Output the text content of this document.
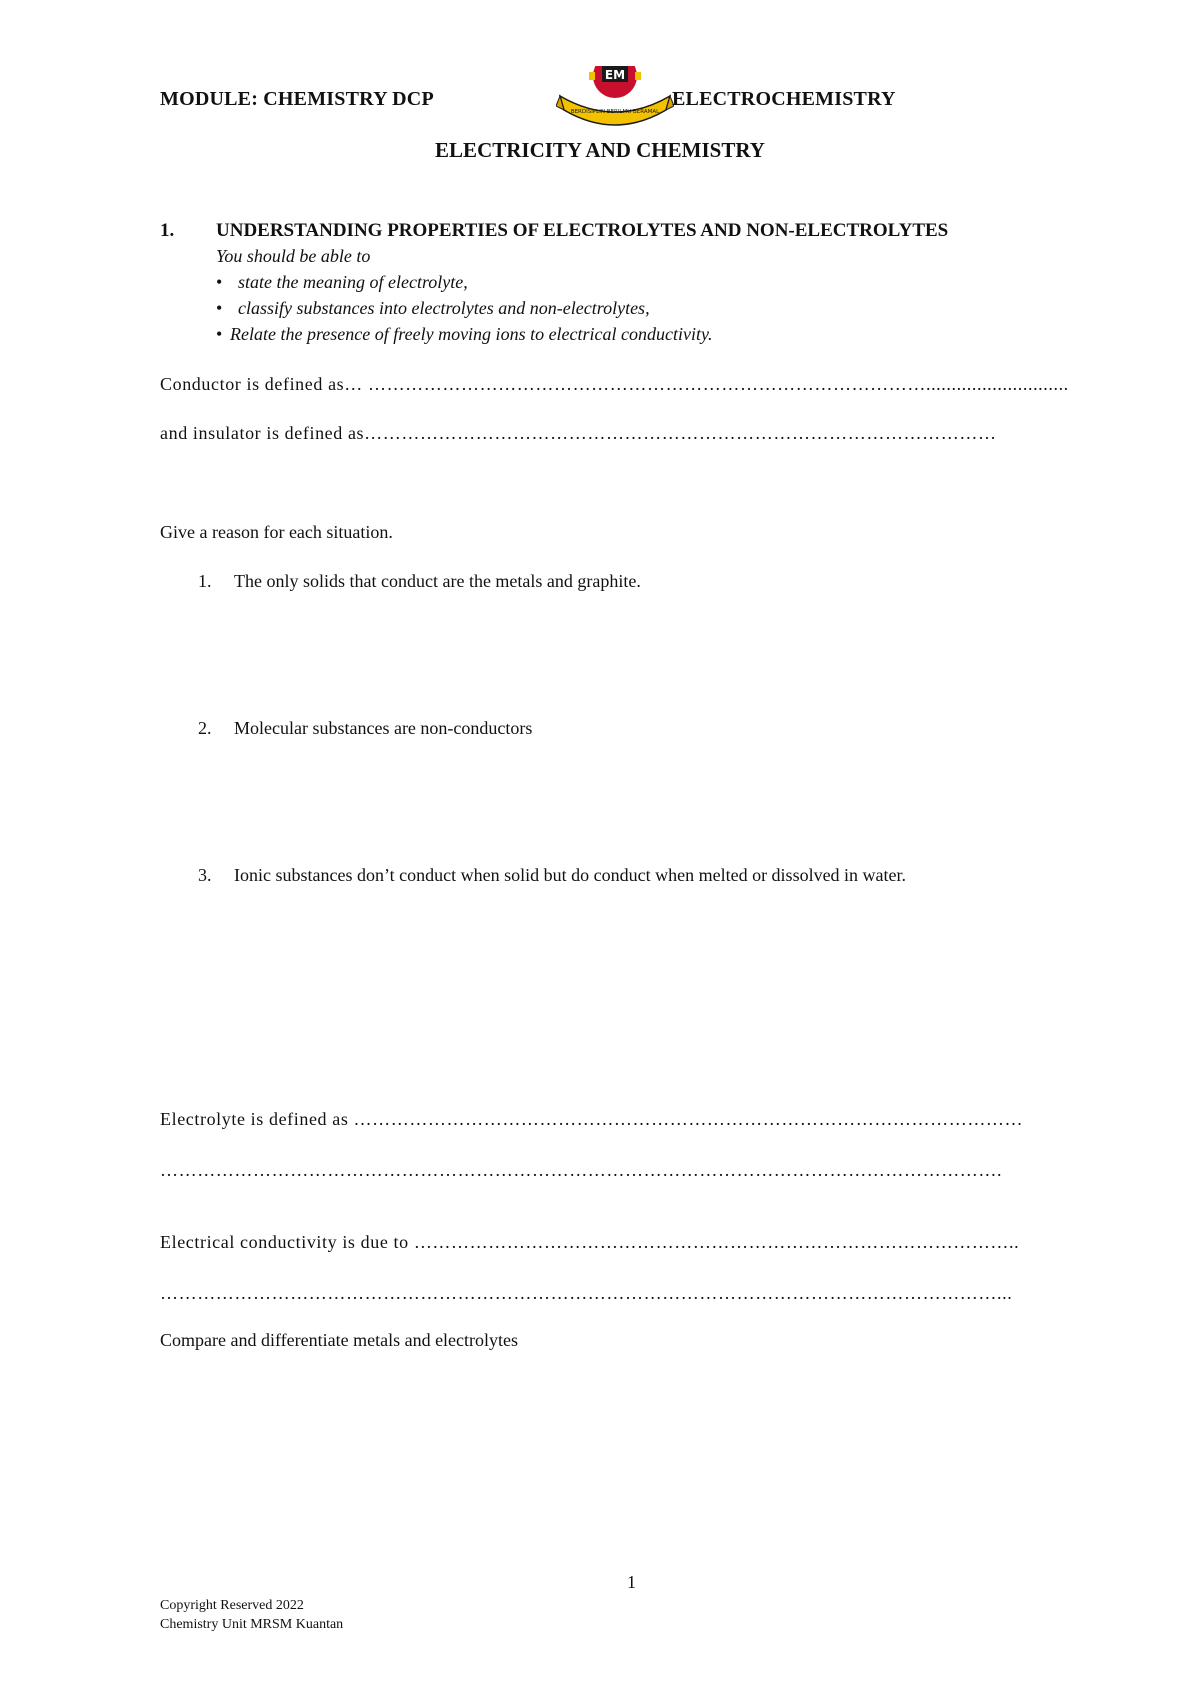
MODULE: CHEMISTRY DCP
EM
BERDISIPLIN BERILMU BERAMAL
ELECTROCHEMISTRY
ELECTRICITY AND CHEMISTRY
1. UNDERSTANDING PROPERTIES OF ELECTROLYTES AND NON-ELECTROLYTES
You should be able to
• state the meaning of electrolyte,
• classify substances into electrolytes and non-electrolytes,
• Relate the presence of freely moving ions to electrical conductivity.
Conductor is defined as… ………………………………………………………………………………............................
and insulator is defined as…………………………………………………………………………………………
Give a reason for each situation.
1. The only solids that conduct are the metals and graphite.
2. Molecular substances are non-conductors
3. Ionic substances don’t conduct when solid but do conduct when melted or dissolved in water.
Electrolyte is defined as ………………………………………………………………………………………………
……………………………………………………………………………………………………………………….
Electrical conductivity is due to ……………………………………………………………………………………..
………………………………………………………………………………………………………………………...
Compare and differentiate metals and electrolytes
1
Copyright Reserved 2022
Chemistry Unit MRSM Kuantan
